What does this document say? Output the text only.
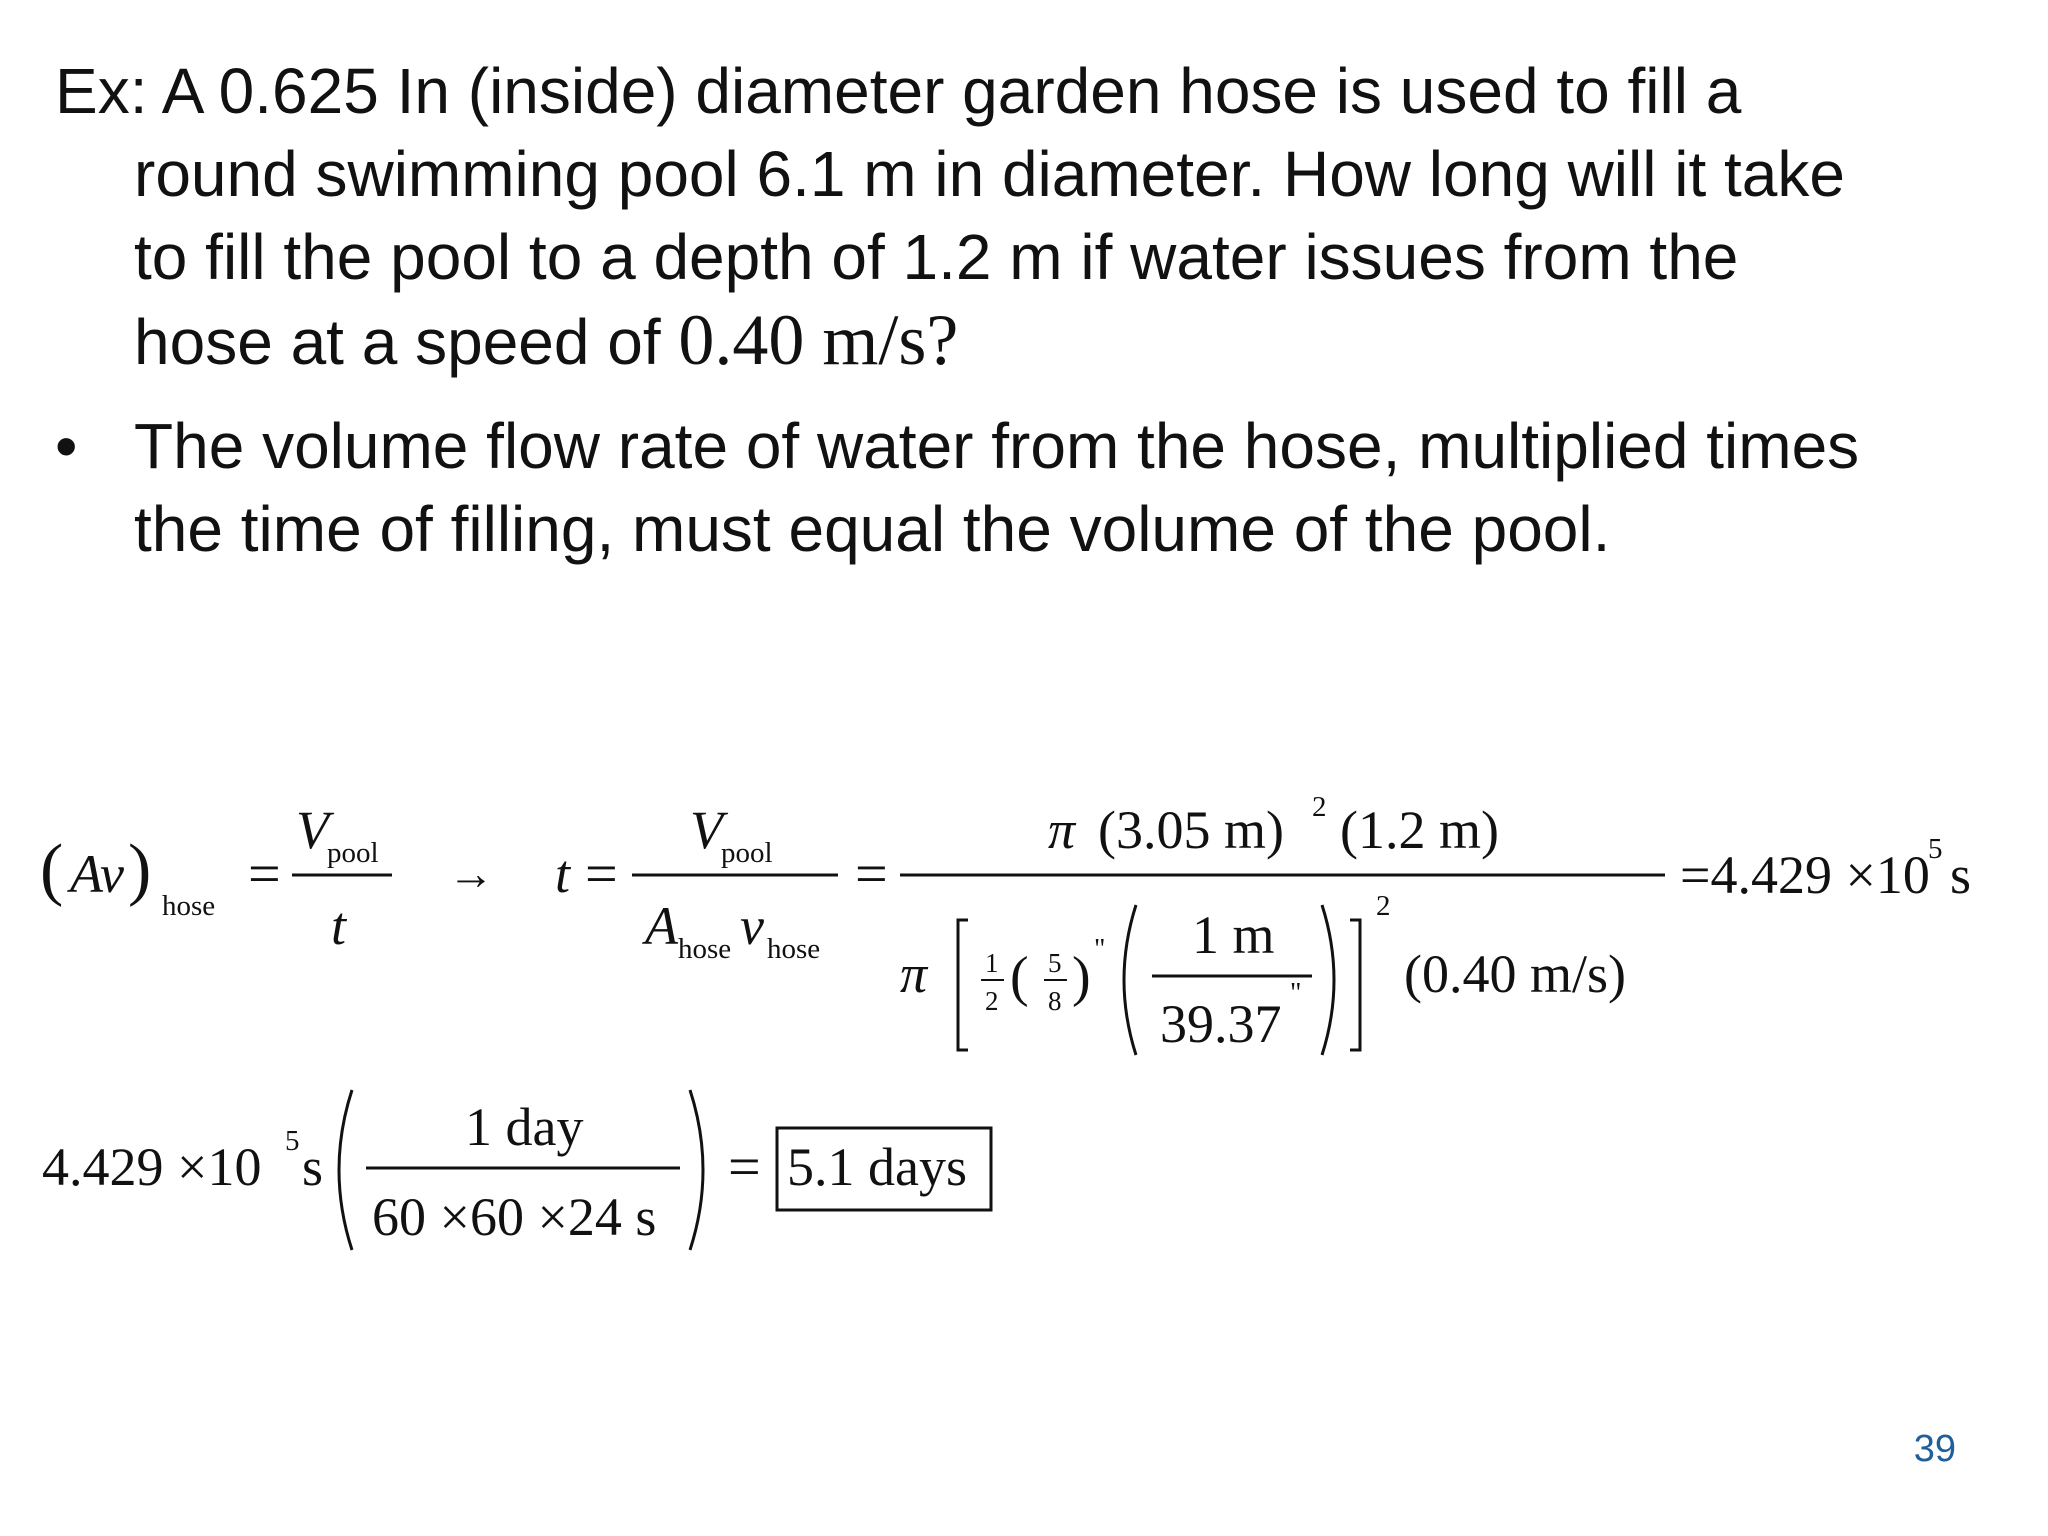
Ex: A 0.625 In (inside) diameter garden hose is used to fill a
round swimming pool 6.1 m in diameter. How long will it take
to fill the pool to a depth of 1.2 m if water issues from the
hose at a speed of 0.40 m/s?
• The volume flow rate of water from the hose, multiplied times
the time of filling, must equal the volume of the pool.
( Av ) hose =
V
pool
t
→ t =
V
pool
A hose v hose
=
π (3.05 m) 2 (1.2 m)
π 1
2 ( 5
8 ) " 1 m
39.37
"
2
(0.40 m/s)
=4.429 ×10
5 s
4.429 ×10 5 s
1 day
60 ×60 ×24 s
= 5.1 days
39
